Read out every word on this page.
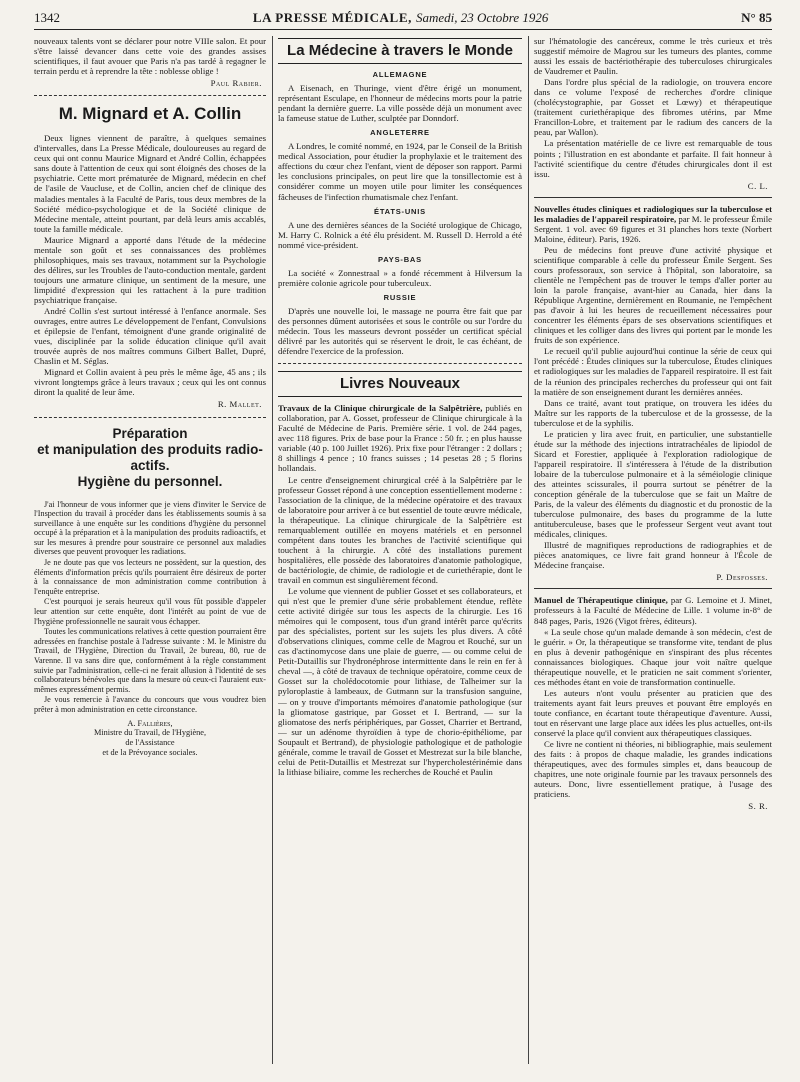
1342	LA PRESSE MÉDICALE, Samedi, 23 Octobre 1926	N° 85

nouveaux talents vont se déclarer pour notre VIIIe salon. Et pour s'être laissé devancer dans cette voie des grandes assises scientifiques, il faut avouer que Paris n'a pas tardé à regagner le terrain perdu et à reprendre la tête : noblesse oblige !

Paul Rabier.

M. Mignard et A. Collin

Deux lignes viennent de paraître, à quelques semaines d'intervalles, dans La Presse Médicale, douloureuses au regard de ceux qui ont connu Maurice Mignard et André Collin, échappées sans doute à l'attention de ceux qui sont éloignés des choses de la psychiatrie. Cette mort prématurée de Mignard, médecin en chef de l'asile de Vaucluse, et de Collin, ancien chef de clinique des maladies mentales à la Faculté de Paris, tous deux membres de la Société médico-psychologique et de la Société clinique de Médecine mentale, atteint pourtant, par delà leurs amis accablés, toute la famille médicale.

Maurice Mignard a apporté dans l'étude de la médecine mentale son goût et ses connaissances des problèmes philosophiques, mais ses travaux, notamment sur la Psychologie des délires, sur les Troubles de l'auto-conduction mentale, gardent toujours une armature clinique, un sentiment de la mesure, une limpidité d'expression qui les rattachent à la pure tradition psychiatrique française.

André Collin s'est surtout intéressé à l'enfance anormale. Ses ouvrages, entre autres Le développement de l'enfant, Convulsions et épilepsie de l'enfant, témoignent d'une grande originalité de vues, disciplinée par la solide éducation clinique qu'il avait trouvée auprès de nos maîtres communs Gilbert Ballet, Dupré, Chaslin et M. Séglas.

Mignard et Collin avaient à peu près le même âge, 45 ans ; ils vivront longtemps grâce à leurs travaux ; ceux qui les ont connus diront la qualité de leur âme.

R. Mallet.

Préparation
et manipulation des produits radio-actifs.
Hygiène du personnel.

J'ai l'honneur de vous informer que je viens d'inviter le Service de l'Inspection du travail à procéder dans les établissements soumis à sa surveillance à une enquête sur les conditions d'hygiène du personnel occupé à la préparation et à la manipulation des produits radioactifs, et sur les mesures à prendre pour soustraire ce personnel aux maladies diverses que peuvent provoquer les radiations.

Je ne doute pas que vos lecteurs ne possèdent, sur la question, des éléments d'information précis qu'ils pourraient être désireux de porter à la connaissance de mon administration comme contribution à l'enquête entreprise.

C'est pourquoi je serais heureux qu'il vous fût possible d'appeler leur attention sur cette enquête, dont l'intérêt au point de vue de l'hygiène professionnelle ne saurait vous échapper.

Toutes les communications relatives à cette question pourraient être adressées en franchise postale à l'adresse suivante : M. le Ministre du Travail, de l'Hygiène, Direction du Travail, 2e bureau, 80, rue de Varenne. Il va sans dire que, conformément à la règle constamment suivie par l'administration, celle-ci ne ferait allusion à l'identité de ses collaborateurs bénévoles que dans la mesure où ceux-ci l'auraient eux-mêmes expressément permis.

Je vous remercie à l'avance du concours que vous voudrez bien prêter à mon administration en cette circonstance.

A. Fallières,
Ministre du Travail, de l'Hygiène,
de l'Assistance
et de la Prévoyance sociales.
La Médecine à travers le Monde
ALLEMAGNE

A Eisenach, en Thuringe, vient d'être érigé un monument, représentant Esculape, en l'honneur de médecins morts pour la patrie pendant la dernière guerre. La ville possède déjà un monument avec la fameuse statue de Luther, sculptée par Donndorf.

ANGLETERRE

A Londres, le comité nommé, en 1924, par le Conseil de la British medical Association, pour étudier la prophylaxie et le traitement des affections du cœur chez l'enfant, vient de déposer son rapport. Parmi les conclusions principales, on peut lire que la tonsillectomie est à considérer comme un moyen utile pour limiter les conséquences fâcheuses de l'infection rhumatismale chez l'enfant.

ÉTATS-UNIS

A une des dernières séances de la Société urologique de Chicago, M. Harry C. Rolnick a été élu président. M. Russell D. Herrold a été nommé vice-président.

PAYS-BAS

La société « Zonnestraal » a fondé récemment à Hilversum la première colonie agricole pour tuberculeux.

RUSSIE

D'après une nouvelle loi, le massage ne pourra être fait que par des personnes dûment autorisées et sous le contrôle ou sur l'ordre du médecin. Tous les masseurs devront posséder un certificat spécial délivré par les autorités qui se réservent le droit, le cas échéant, de défendre l'exercice de la profession.

Livres Nouveaux

Travaux de la Clinique chirurgicale de la Salpêtrière, publiés en collaboration, par A. Gosset, professeur de Clinique chirurgicale à la Faculté de Médecine de Paris. Première série. 1 vol. de 244 pages, avec 118 figures. Prix de base pour la France : 50 fr. ; en plus hausse variable (40 p. 100 Juillet 1926). Prix fixe pour l'étranger : 2 dollars ; 8 shillings 4 pence ; 10 francs suisses ; 14 pesetas 28 ; 5 florins hollandais.

Le centre d'enseignement chirurgical créé à la Salpêtrière par le professeur Gosset répond à une conception essentiellement moderne : l'association de la clinique, de la médecine opératoire et des travaux de laboratoire pour arriver à ce but essentiel de toute œuvre médicale, la thérapeutique. La clinique chirurgicale de la Salpêtrière est remarquablement outillée en moyens matériels et en personnel compétent dans toutes les branches de l'activité scientifique qui touchent à la chirurgie. A côté des installations purement hospitalières, elle possède des laboratoires d'anatomie pathologique, de bactériologie, de chimie, de radiologie et de curiethérapie, dont le travail en commun est singulièrement fécond.

Le volume que viennent de publier Gosset et ses collaborateurs, et qui n'est que le premier d'une série probablement étendue, reflète cette activité dirigée sur tous les aspects de la chirurgie. Les 16 mémoires qui le composent, tous d'un grand intérêt parce qu'écrits par des spécialistes, portent sur les sujets les plus divers. A côté d'observations cliniques, comme celle de Magrou et Rouché, sur un cas d'actinomycose dans une plaie de guerre, — ou comme celui de Petit-Dutaillis sur l'hydronéphrose intermittente dans le rein en fer à cheval —, à côté de travaux de technique opératoire, comme ceux de Gosset sur la cholédocotomie pour lithiase, de Talheimer sur la pyloroplastie à lambeaux, de Gutmann sur la transfusion sanguine, — on y trouve d'importants mémoires d'anatomie pathologique (sur la gliomatose gastrique, par Gosset et I. Bertrand, — sur la gliomatose des nerfs périphériques, par Gosset, Charrier et Bertrand, — sur un adénome thyroïdien à type de chorio-épithéliome, par Soupault et Bertrand), de physiologie pathologique et de pathologie générale, comme le travail de Gosset et Mestrezat sur la bile blanche, celui de Petit-Dutaillis et Mestrezat sur l'hypercholestérinémie dans la lithiase biliaire, comme les recherches de Rouché et Paulin

sur l'hématologie des cancéreux, comme le très curieux et très suggestif mémoire de Magrou sur les tumeurs des plantes, comme aussi les essais de bactériothérapie des tuberculoses chirurgicales de Vaudremer et Paulin.

Dans l'ordre plus spécial de la radiologie, on trouvera encore dans ce volume l'exposé de recherches d'ordre clinique (cholécystographie, par Gosset et Lœwy) et thérapeutique (traitement curiethérapique des fibromes utérins, par Mme Francillon-Lobre, et traitement par le radium des cancers de la peau, par Wallon).

La présentation matérielle de ce livre est remarquable de tous points ; l'illustration en est abondante et parfaite. Il fait honneur à l'activité scientifique du centre d'études chirurgicales dont il est issu.

C. L.

Nouvelles études cliniques et radiologiques sur la tuberculose et les maladies de l'appareil respiratoire, par M. le professeur Émile Sergent. 1 vol. avec 69 figures et 31 planches hors texte (Norbert Maloine, éditeur). Paris, 1926.

Peu de médecins font preuve d'une activité physique et scientifique comparable à celle du professeur Émile Sergent. Ses cours professoraux, son service à l'hôpital, son laboratoire, sa clientèle ne l'empêchent pas de trouver le temps d'aller porter au loin la parole française, avant-hier au Canada, hier dans la République Argentine, dernièrement en Roumanie, ne l'empêchent pas d'avoir à lui les heures de recueillement nécessaires pour concentrer les éléments épars de ses observations scientifiques et cliniques et les colliger dans des livres qui portent par le monde les fruits de son expérience.

Le recueil qu'il publie aujourd'hui continue la série de ceux qui l'ont précédé : Études cliniques sur la tuberculose, Études cliniques et radiologiques sur les maladies de l'appareil respiratoire. Il est fait de la réunion des principales recherches du professeur qui ont fait la matière de son enseignement durant les dernières années.

Dans ce traité, avant tout pratique, on trouvera les idées du Maître sur les rapports de la tuberculose et de la grossesse, de la tuberculose et de la syphilis.

Le praticien y lira avec fruit, en particulier, une substantielle étude sur la méthode des injections intratrachéales de lipiodol de Sicard et Forestier, appliquée à l'exploration radiologique de l'appareil respiratoire. Il s'intéressera à l'étude de la distribution lobaire de la tuberculose pulmonaire et à la séméiologie clinique des atteintes scissurales, il pourra surtout se pénétrer de la conception générale de la tuberculose que se fait un Maître de Paris, de la valeur des éléments du diagnostic et du pronostic de la tuberculose pulmonaire, des bases du programme de la lutte antituberculeuse, bases que le professeur Sergent veut avant tout médicales, cliniques.

Illustré de magnifiques reproductions de radiographies et de pièces anatomiques, ce livre fait grand honneur à l'École de Médecine française.

P. Desfosses.

Manuel de Thérapeutique clinique, par G. Lemoine et J. Minet, professeurs à la Faculté de Médecine de Lille. 1 volume in-8° de 848 pages, Paris, 1926 (Vigot frères, éditeurs).

« La seule chose qu'un malade demande à son médecin, c'est de le guérir. » Or, la thérapeutique se transforme vite, tendant de plus en plus à devenir pathogénique en s'inspirant des plus récentes connaissances biologiques. Chaque jour voit naître quelque thérapeutique nouvelle, et le praticien ne sait comment s'orienter, ces méthodes étant en voie de transformation continuelle.

Les auteurs n'ont voulu présenter au praticien que des traitements ayant fait leurs preuves et pouvant être employés en toute confiance, en écartant toute thérapeutique d'aventure. Aussi, tout en réservant une large place aux idées les plus actuelles, ont-ils conservé la place qu'il convient aux thérapeutiques classiques.

Ce livre ne contient ni théories, ni bibliographie, mais seulement des faits : à propos de chaque maladie, les grandes indications thérapeutiques, avec des formules simples et, dans beaucoup de chapitres, une note originale fournie par les travaux personnels des auteurs. Donc, livre essentiellement pratique, à l'usage des praticiens.

S. R.
